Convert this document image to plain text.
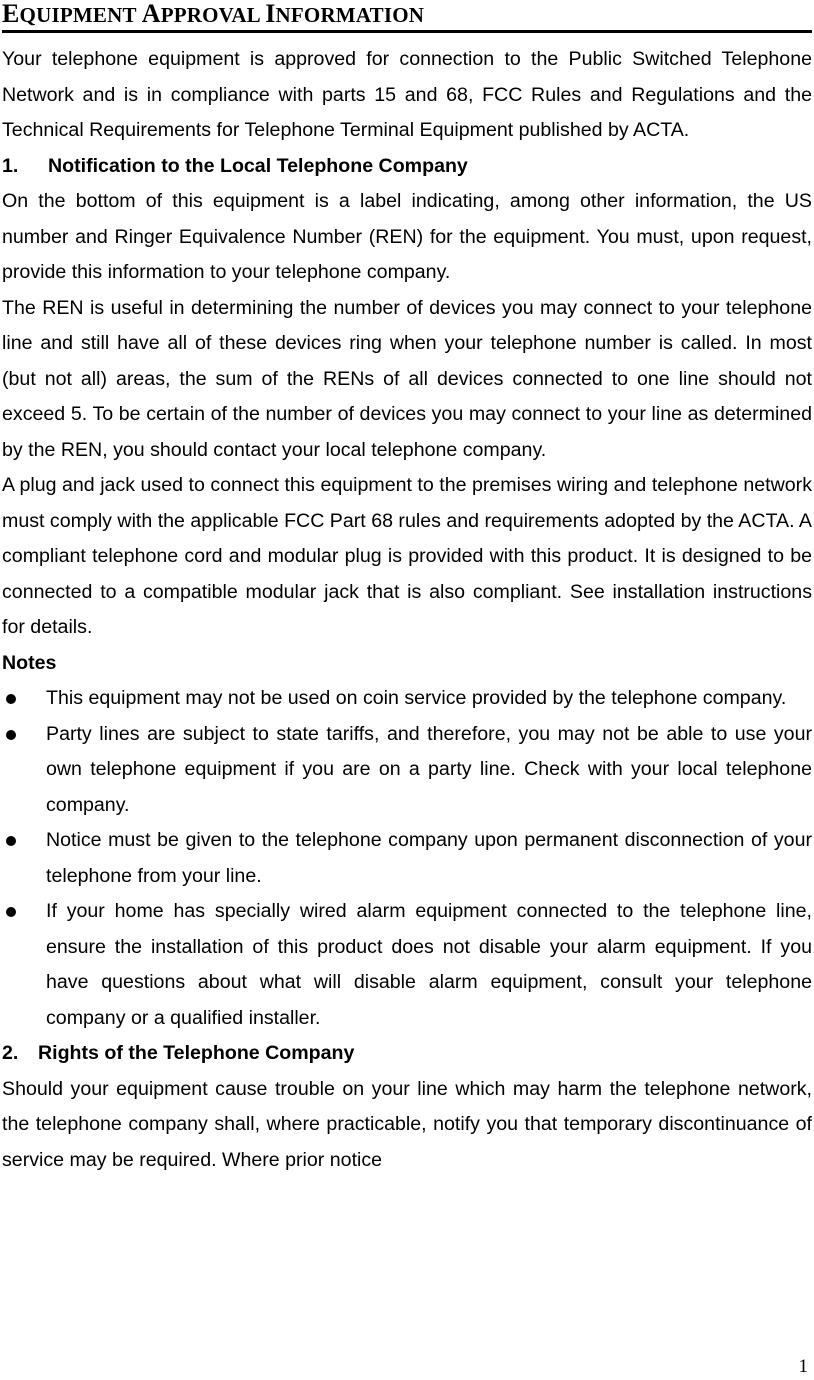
EQUIPMENT APPROVAL INFORMATION

Your telephone equipment is approved for connection to the Public Switched Telephone Network and is in compliance with parts 15 and 68, FCC Rules and Regulations and the Technical Requirements for Telephone Terminal Equipment published by ACTA.

1.	Notification to the Local Telephone Company

On the bottom of this equipment is a label indicating, among other information, the US number and Ringer Equivalence Number (REN) for the equipment. You must, upon request, provide this information to your telephone company.

The REN is useful in determining the number of devices you may connect to your telephone line and still have all of these devices ring when your telephone number is called. In most (but not all) areas, the sum of the RENs of all devices connected to one line should not exceed 5. To be certain of the number of devices you may connect to your line as determined by the REN, you should contact your local telephone company.

A plug and jack used to connect this equipment to the premises wiring and telephone network must comply with the applicable FCC Part 68 rules and requirements adopted by the ACTA. A compliant telephone cord and modular plug is provided with this product. It is designed to be connected to a compatible modular jack that is also compliant. See installation instructions for details.

Notes
This equipment may not be used on coin service provided by the telephone company.
Party lines are subject to state tariffs, and therefore, you may not be able to use your own telephone equipment if you are on a party line. Check with your local telephone company.
Notice must be given to the telephone company upon permanent disconnection of your telephone from your line.
If your home has specially wired alarm equipment connected to the telephone line, ensure the installation of this product does not disable your alarm equipment. If you have questions about what will disable alarm equipment, consult your telephone company or a qualified installer.
2.	Rights of the Telephone Company

Should your equipment cause trouble on your line which may harm the telephone network, the telephone company shall, where practicable, notify you that temporary discontinuance of service may be required. Where prior notice

1
